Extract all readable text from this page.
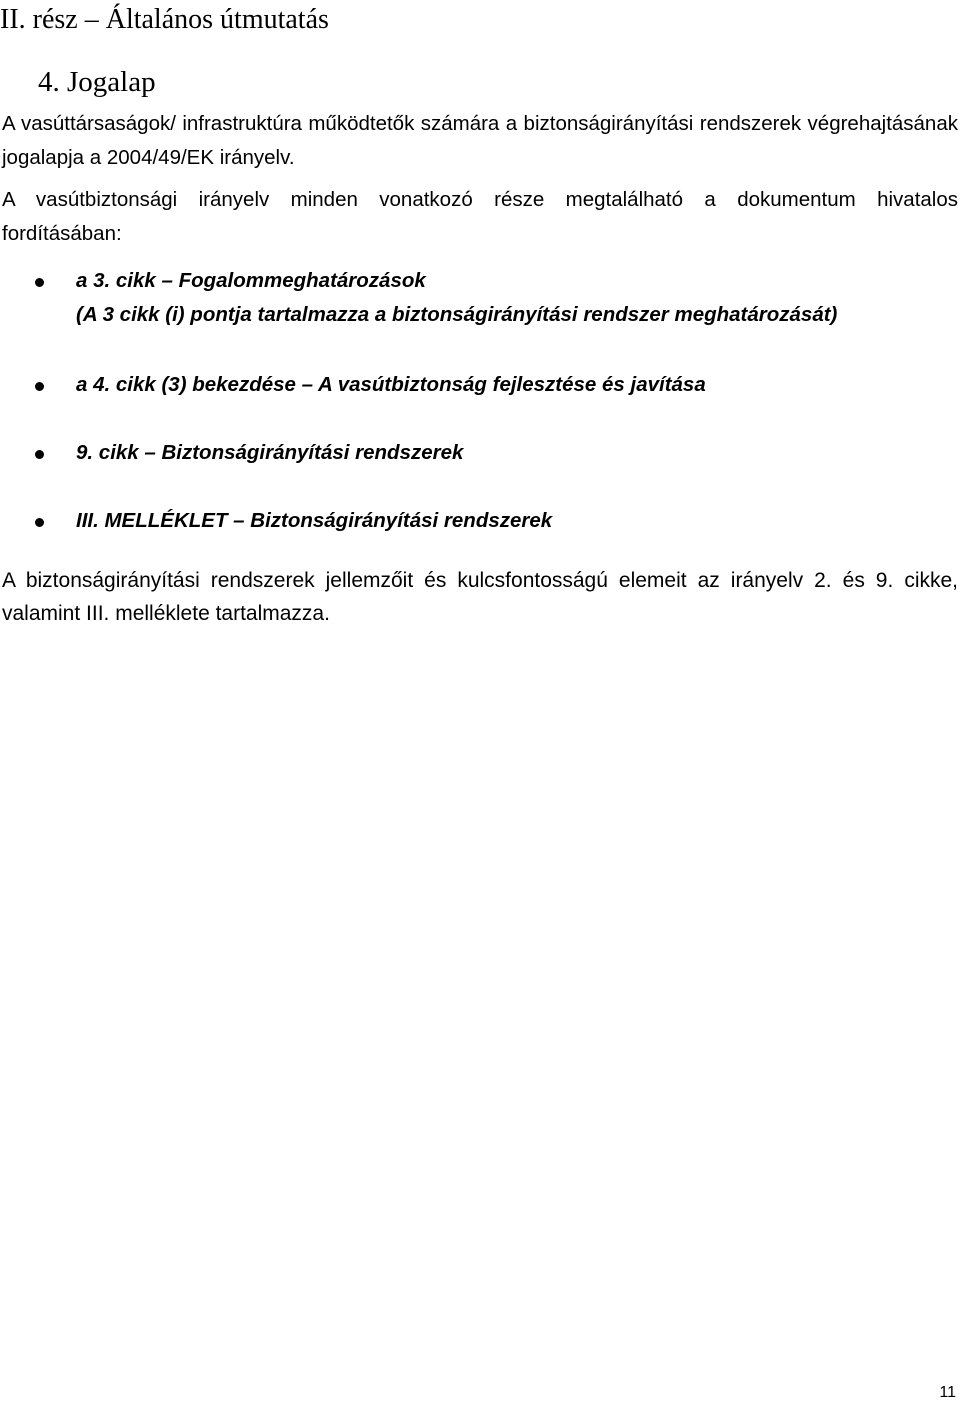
II. rész – Általános útmutatás
4. Jogalap

A vasúttársaságok/ infrastruktúra működtetők számára a biztonságirányítási rendszerek végrehajtásának jogalapja a 2004/49/EK irányelv.

A vasútbiztonsági irányelv minden vonatkozó része megtalálható a dokumentum hivatalos fordításában:

a 3. cikk – Fogalommeghatározások
(A 3 cikk (i) pontja tartalmazza a biztonságirányítási rendszer meghatározását)
a 4. cikk (3) bekezdése – A vasútbiztonság fejlesztése és javítása
9. cikk – Biztonságirányítási rendszerek
III. MELLÉKLET – Biztonságirányítási rendszerek

A biztonságirányítási rendszerek jellemzőit és kulcsfontosságú elemeit az irányelv 2. és 9. cikke, valamint III. melléklete tartalmazza.

11
